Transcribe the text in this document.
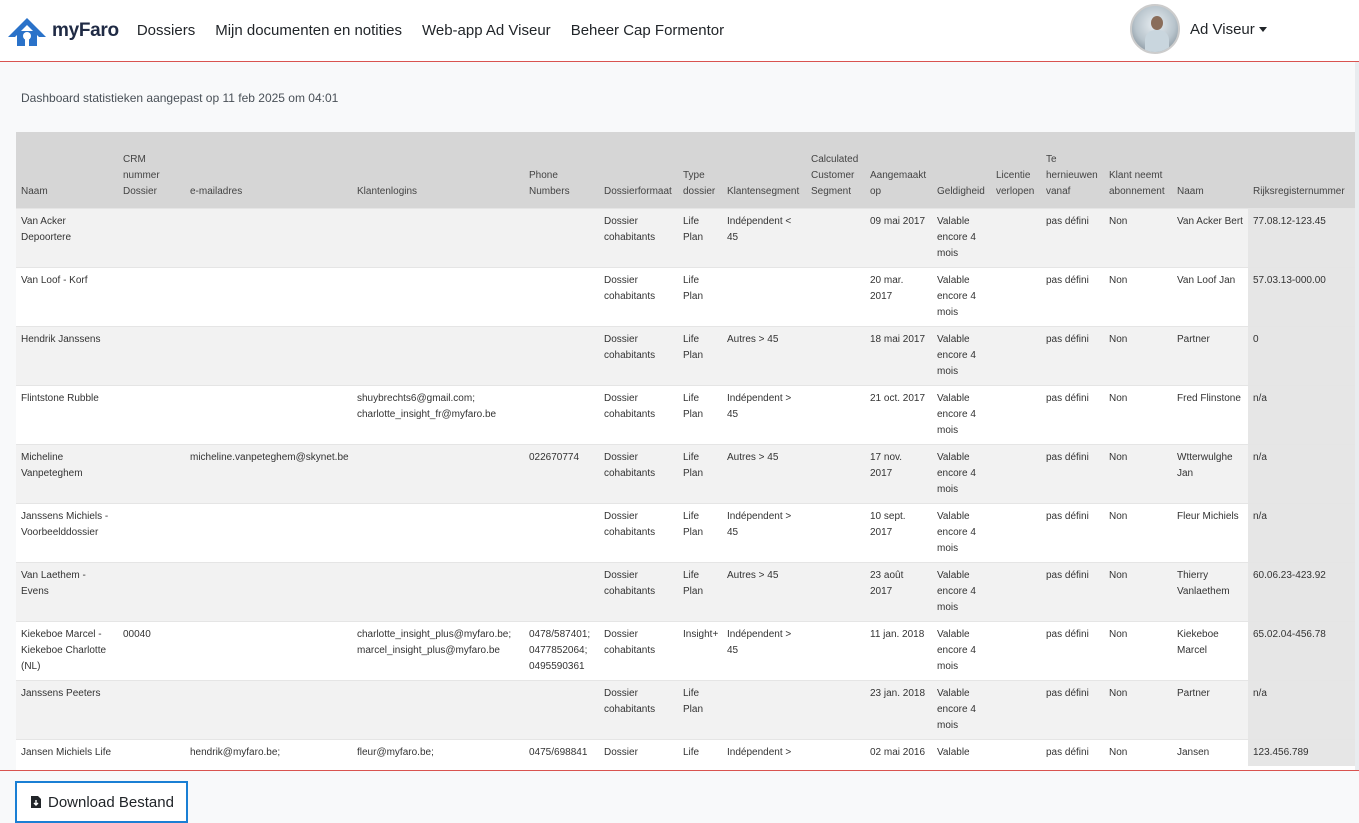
myFaro	Dossiers	Mijn documenten en notities	Web-app Ad Viseur	Beheer Cap Formentor	Ad Viseur
Dashboard statistieken aangepast op 11 feb 2025 om 04:01
Naam	CRM nummer Dossier	e-mailadres	Klantenlogins	Phone Numbers	Dossierformaat	Type dossier	Klantensegment	Calculated Customer Segment	Aangemaakt op	Geldigheid	Licentie verlopen	Te hernieuwen vanaf	Klant neemt abonnement	Naam	Rijksregisternummer
Van Acker Depoortere					Dossier cohabitants	Life Plan	Indépendent < 45		09 mai 2017	Valable encore 4 mois		pas défini	Non	Van Acker Bert	77.08.12-123.45
Van Loof - Korf					Dossier cohabitants	Life Plan			20 mar. 2017	Valable encore 4 mois		pas défini	Non	Van Loof Jan	57.03.13-000.00
Hendrik Janssens					Dossier cohabitants	Life Plan	Autres > 45		18 mai 2017	Valable encore 4 mois		pas défini	Non	Partner	0
Flintstone Rubble			shuybrechts6@gmail.com; charlotte_insight_fr@myfaro.be		Dossier cohabitants	Life Plan	Indépendent > 45		21 oct. 2017	Valable encore 4 mois		pas défini	Non	Fred Flinstone	n/a
Micheline Vanpeteghem		micheline.vanpeteghem@skynet.be		022670774	Dossier cohabitants	Life Plan	Autres > 45		17 nov. 2017	Valable encore 4 mois		pas défini	Non	Wtterwulghe Jan	n/a
Janssens Michiels - Voorbeelddossier					Dossier cohabitants	Life Plan	Indépendent > 45		10 sept. 2017	Valable encore 4 mois		pas défini	Non	Fleur Michiels	n/a
Van Laethem - Evens					Dossier cohabitants	Life Plan	Autres > 45		23 août 2017	Valable encore 4 mois		pas défini	Non	Thierry Vanlaethem	60.06.23-423.92
Kiekeboe Marcel - Kiekeboe Charlotte (NL)	00040		charlotte_insight_plus@myfaro.be; marcel_insight_plus@myfaro.be	0478/587401; 0477852064; 0495590361	Dossier cohabitants	Insight+	Indépendent > 45		11 jan. 2018	Valable encore 4 mois		pas défini	Non	Kiekeboe Marcel	65.02.04-456.78
Janssens Peeters					Dossier cohabitants	Life Plan			23 jan. 2018	Valable encore 4 mois		pas défini	Non	Partner	n/a
Jansen Michiels Life		hendrik@myfaro.be;	fleur@myfaro.be;	0475/698841	Dossier	Life	Indépendent >		02 mai 2016	Valable		pas défini	Non	Jansen	123.456.789
Download Bestand
